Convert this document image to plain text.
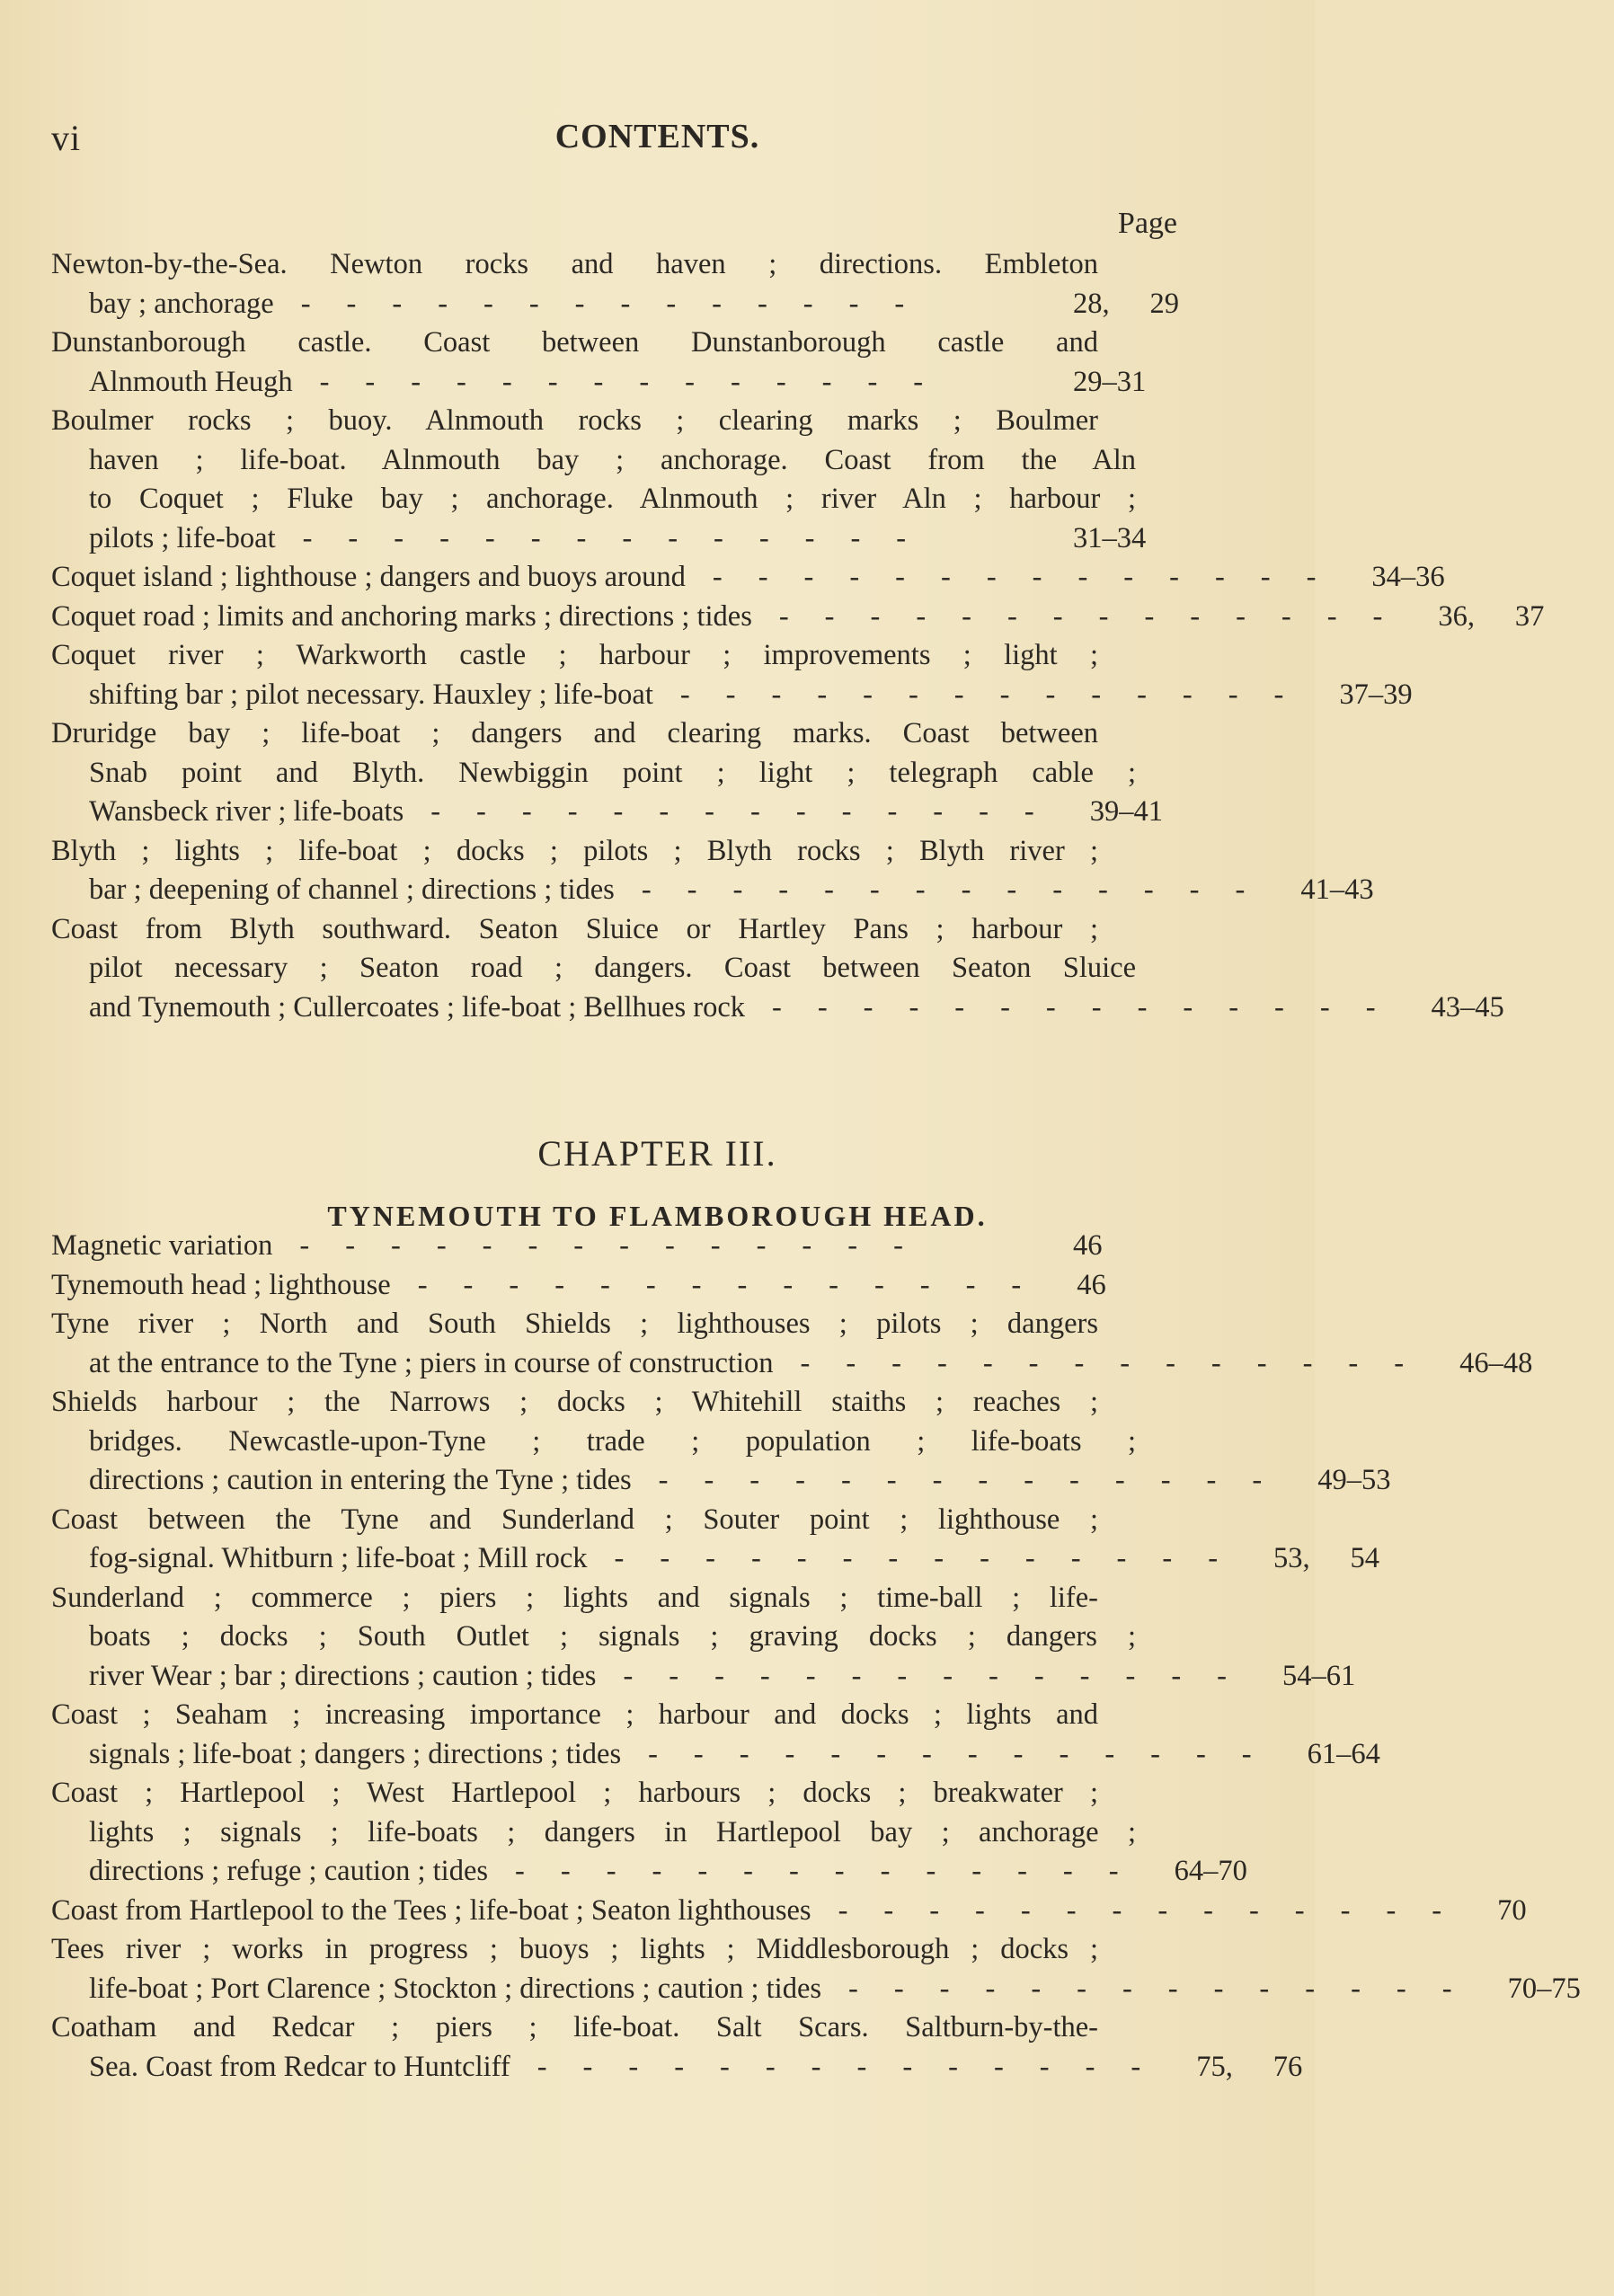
vi	CONTENTS.
Page
Newton-by-the-Sea. Newton rocks and haven ; directions. Embleton
bay ; anchorage --------------	28, 29
Dunstanborough castle. Coast between Dunstanborough castle and
Alnmouth Heugh --------------	29–31
Boulmer rocks ; buoy. Alnmouth rocks ; clearing marks ; Boulmer
haven ; life-boat. Alnmouth bay ; anchorage. Coast from the Aln
to Coquet ; Fluke bay ; anchorage. Alnmouth ; river Aln ; harbour ;
pilots ; life-boat --------------	31–34
Coquet island ; lighthouse ; dangers and buoys around -------------- 34–36
Coquet road ; limits and anchoring marks ; directions ; tides -------------- 36, 37
Coquet river ; Warkworth castle ; harbour ; improvements ; light ;
shifting bar ; pilot necessary. Hauxley ; life-boat -------------- 37–39
Druridge bay ; life-boat ; dangers and clearing marks. Coast between
Snab point and Blyth. Newbiggin point ; light ; telegraph cable ;
Wansbeck river ; life-boats -------------- 39–41
Blyth ; lights ; life-boat ; docks ; pilots ; Blyth rocks ; Blyth river ;
bar ; deepening of channel ; directions ; tides -------------- 41–43
Coast from Blyth southward. Seaton Sluice or Hartley Pans ; harbour ;
pilot necessary ; Seaton road ; dangers. Coast between Seaton Sluice
and Tynemouth ; Cullercoates ; life-boat ; Bellhues rock -------------- 43–45
CHAPTER III.
TYNEMOUTH TO FLAMBOROUGH HEAD.
Magnetic variation --------------	46
Tynemouth head ; lighthouse -------------- 46
Tyne river ; North and South Shields ; lighthouses ; pilots ; dangers
at the entrance to the Tyne ; piers in course of construction -------------- 46–48
Shields harbour ; the Narrows ; docks ; Whitehill staiths ; reaches ;
bridges. Newcastle-upon-Tyne ; trade ; population ; life-boats ;
directions ; caution in entering the Tyne ; tides -------------- 49–53
Coast between the Tyne and Sunderland ; Souter point ; lighthouse ;
fog-signal. Whitburn ; life-boat ; Mill rock -------------- 53, 54
Sunderland ; commerce ; piers ; lights and signals ; time-ball ; life-
boats ; docks ; South Outlet ; signals ; graving docks ; dangers ;
river Wear ; bar ; directions ; caution ; tides -------------- 54–61
Coast ; Seaham ; increasing importance ; harbour and docks ; lights and
signals ; life-boat ; dangers ; directions ; tides -------------- 61–64
Coast ; Hartlepool ; West Hartlepool ; harbours ; docks ; breakwater ;
lights ; signals ; life-boats ; dangers in Hartlepool bay ; anchorage ;
directions ; refuge ; caution ; tides -------------- 64–70
Coast from Hartlepool to the Tees ; life-boat ; Seaton lighthouses -------------- 70
Tees river ; works in progress ; buoys ; lights ; Middlesborough ; docks ;
life-boat ; Port Clarence ; Stockton ; directions ; caution ; tides -------------- 70–75
Coatham and Redcar ; piers ; life-boat. Salt Scars. Saltburn-by-the-
Sea. Coast from Redcar to Huntcliff -------------- 75, 76
